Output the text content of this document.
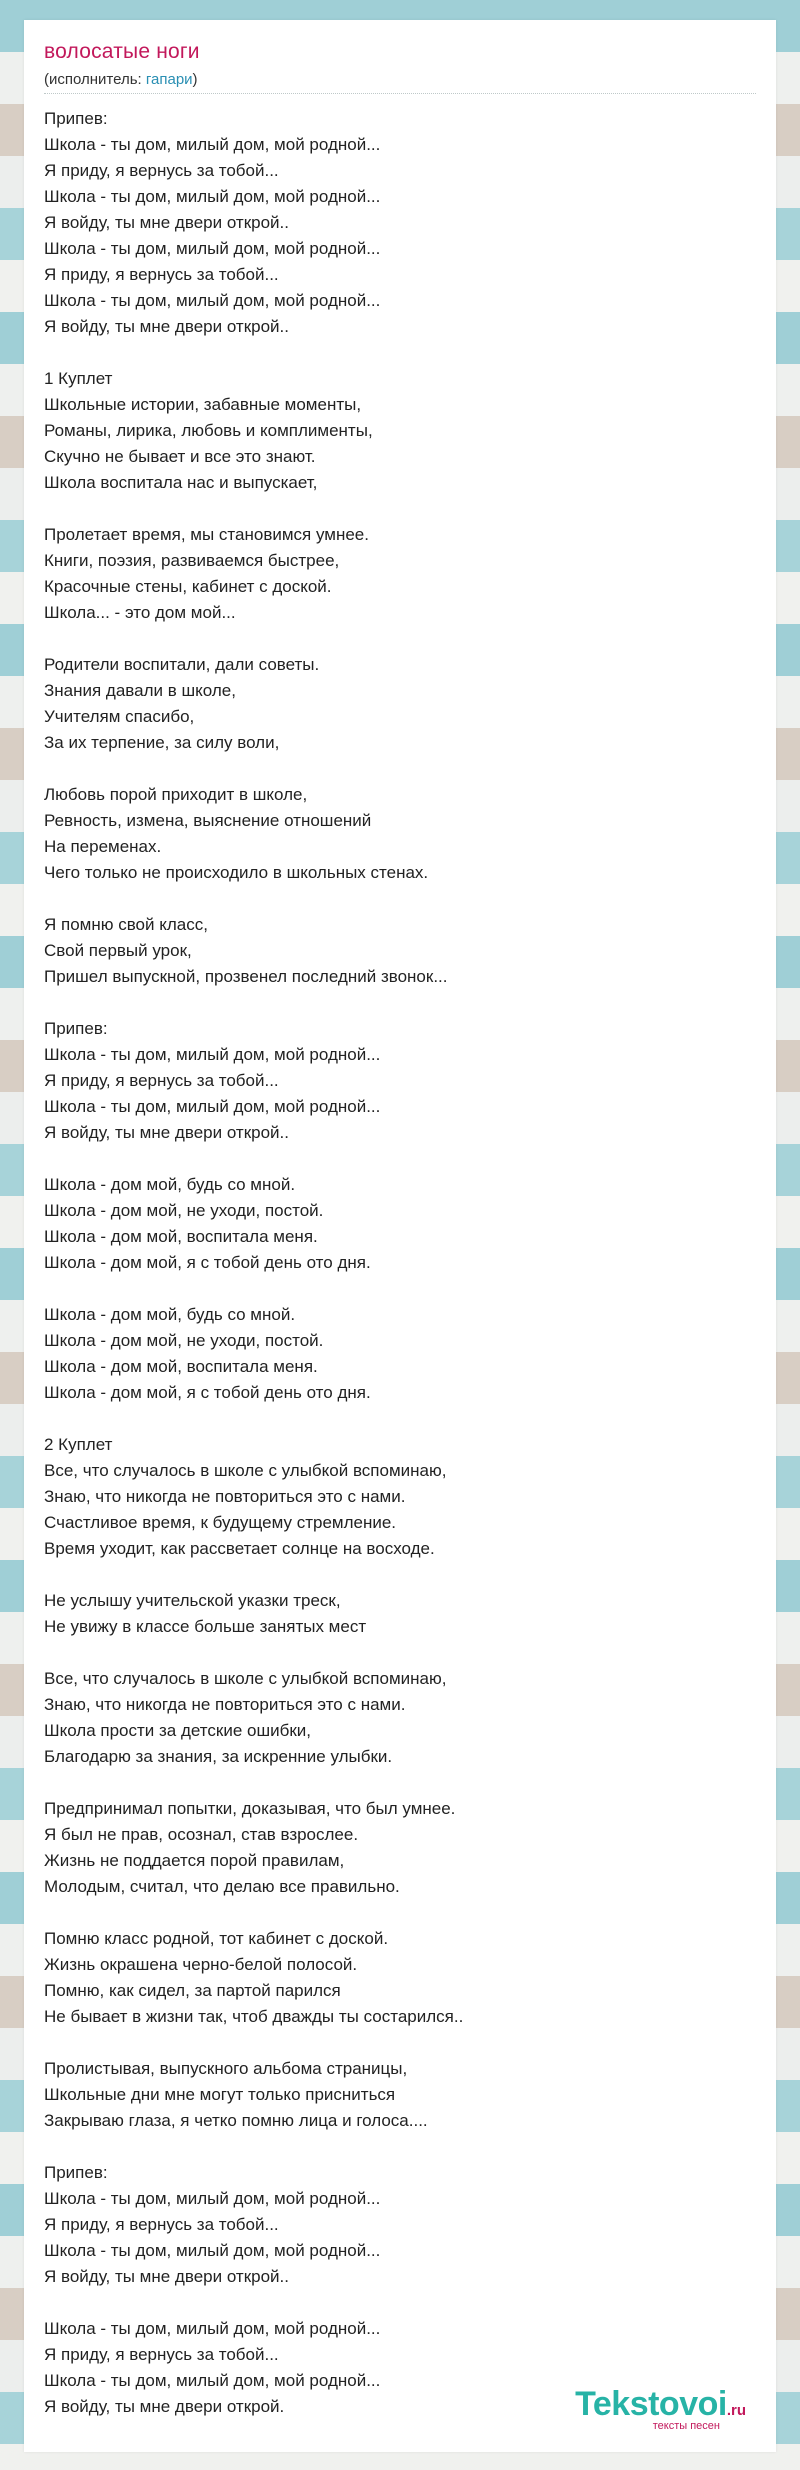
волосатые ноги
(исполнитель: гапари)
Припев:
Школа - ты дом, милый дом, мой родной...
Я приду, я вернусь за тобой...
Школа - ты дом, милый дом, мой родной...
Я войду, ты мне двери открой..
Школа - ты дом, милый дом, мой родной...
Я приду, я вернусь за тобой...
Школа - ты дом, милый дом, мой родной...
Я войду, ты мне двери открой..
1 Куплет
Школьные истории, забавные моменты,
Романы, лирика, любовь и комплименты,
Скучно не бывает и все это знают.
Школа воспитала нас и выпускает,
Пролетает время, мы становимся умнее.
Книги, поэзия, развиваемся быстрее,
Красочные стены, кабинет с доской.
Школа... - это дом мой...
Родители воспитали, дали советы.
Знания давали в школе,
Учителям спасибо,
За их терпение, за силу воли,
Любовь порой приходит в школе,
Ревность, измена, выяснение отношений
На переменах.
Чего только не происходило в школьных стенах.
Я помню свой класс,
Свой первый урок,
Пришел выпускной, прозвенел последний звонок...
Припев:
Школа - ты дом, милый дом, мой родной...
Я приду, я вернусь за тобой...
Школа - ты дом, милый дом, мой родной...
Я войду, ты мне двери открой..
Школа - дом мой, будь со мной.
Школа - дом мой, не уходи, постой.
Школа - дом мой, воспитала меня.
Школа - дом мой, я с тобой день ото дня.
Школа - дом мой, будь со мной.
Школа - дом мой, не уходи, постой.
Школа - дом мой, воспитала меня.
Школа - дом мой, я с тобой день ото дня.
2 Куплет
Все, что случалось в школе с улыбкой вспоминаю,
Знаю, что никогда не повториться это с нами.
Счастливое время, к будущему стремление.
Время уходит, как рассветает солнце на восходе.
Не услышу учительской указки треск,
Не увижу в классе больше занятых мест
Все, что случалось в школе с улыбкой вспоминаю,
Знаю, что никогда не повториться это с нами.
Школа прости за детские ошибки,
Благодарю за знания, за искренние улыбки.
Предпринимал попытки, доказывая, что был умнее.
Я был не прав, осознал, став взрослее.
Жизнь не поддается порой правилам,
Молодым, считал, что делаю все правильно.
Помню класс родной, тот кабинет с доской.
Жизнь окрашена черно-белой полосой.
Помню, как сидел, за партой парился
Не бывает в жизни так, чтоб дважды ты состарился..
Пролистывая, выпускного альбома страницы,
Школьные дни мне могут только присниться
Закрываю глаза, я четко помню лица и голоса....
Припев:
Школа - ты дом, милый дом, мой родной...
Я приду, я вернусь за тобой...
Школа - ты дом, милый дом, мой родной...
Я войду, ты мне двери открой..
Школа - ты дом, милый дом, мой родной...
Я приду, я вернусь за тобой...
Школа - ты дом, милый дом, мой родной...
Я войду, ты мне двери открой.	Tekstovoi.ru
тексты песен
